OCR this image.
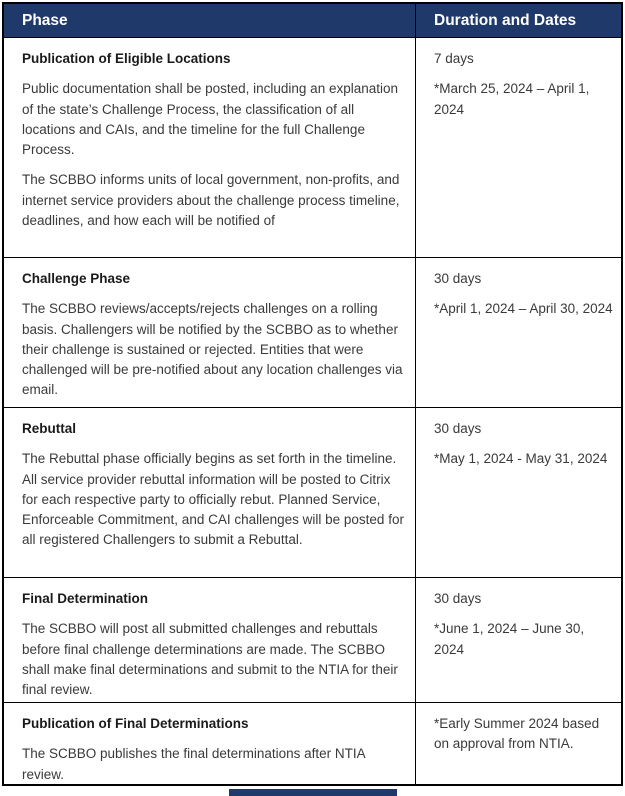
Phase	Duration and Dates

Publication of Eligible Locations

Public documentation shall be posted, including an explanation of the state’s Challenge Process, the classification of all locations and CAIs, and the timeline for the full Challenge Process.

The SCBBO informs units of local government, non-profits, and internet service providers about the challenge process timeline, deadlines, and how each will be notified of

7 days

*March 25, 2024 – April 1, 2024

Challenge Phase

The SCBBO reviews/accepts/rejects challenges on a rolling basis. Challengers will be notified by the SCBBO as to whether their challenge is sustained or rejected. Entities that were challenged will be pre-notified about any location challenges via email.

30 days

*April 1, 2024 – April 30, 2024

Rebuttal

The Rebuttal phase officially begins as set forth in the timeline. All service provider rebuttal information will be posted to Citrix for each respective party to officially rebut. Planned Service, Enforceable Commitment, and CAI challenges will be posted for all registered Challengers to submit a Rebuttal.

30 days

*May 1, 2024 - May 31, 2024

Final Determination

The SCBBO will post all submitted challenges and rebuttals before final challenge determinations are made. The SCBBO shall make final determinations and submit to the NTIA for their final review.

30 days

*June 1, 2024 – June 30, 2024

Publication of Final Determinations

The SCBBO publishes the final determinations after NTIA review.

*Early Summer 2024 based on approval from NTIA.
